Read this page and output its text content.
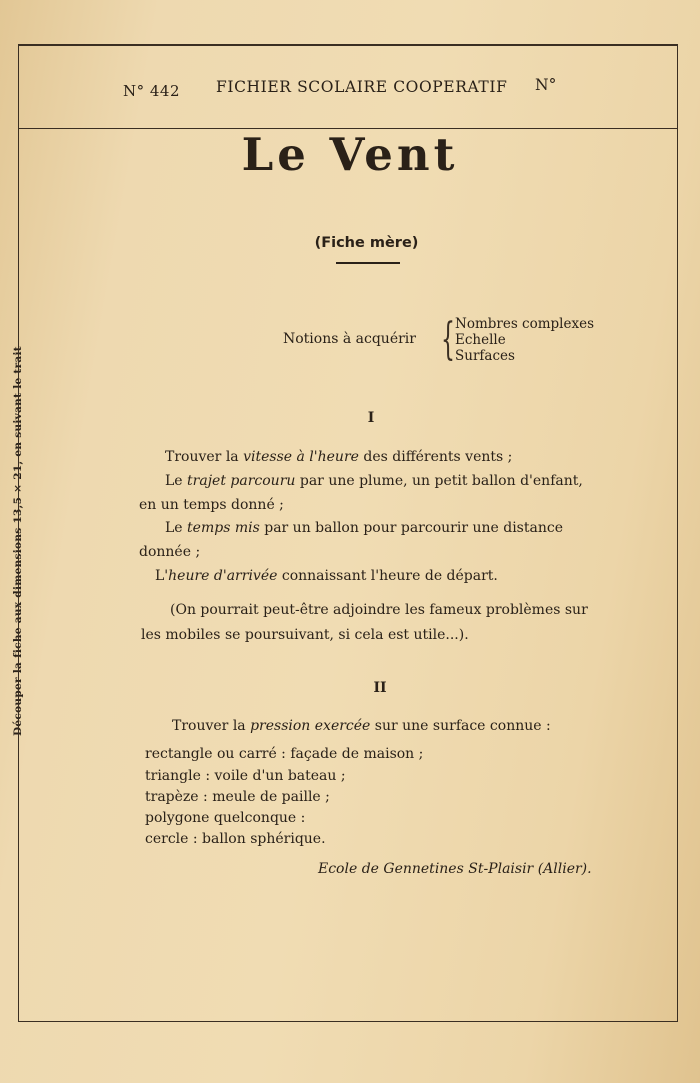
Découper la fiche aux dimensions 13,5 × 21, en suivant le trait
N° 442 FICHIER SCOLAIRE COOPERATIF N°
Le Vent
(Fiche mère)
Notions à acquérir { Nombres complexes
Echelle
Surfaces
I
Trouver la vitesse à l'heure des différents vents ;
Le trajet parcouru par une plume, un petit ballon d'enfant,
en un temps donné ;
Le temps mis par un ballon pour parcourir une distance
donnée ;
L'heure d'arrivée connaissant l'heure de départ.
(On pourrait peut-être adjoindre les fameux problèmes sur
les mobiles se poursuivant, si cela est utile...).
II
Trouver la pression exercée sur une surface connue :
rectangle ou carré : façade de maison ;
triangle : voile d'un bateau ;
trapèze : meule de paille ;
polygone quelconque :
cercle : ballon sphérique.
Ecole de Gennetines St-Plaisir (Allier).
